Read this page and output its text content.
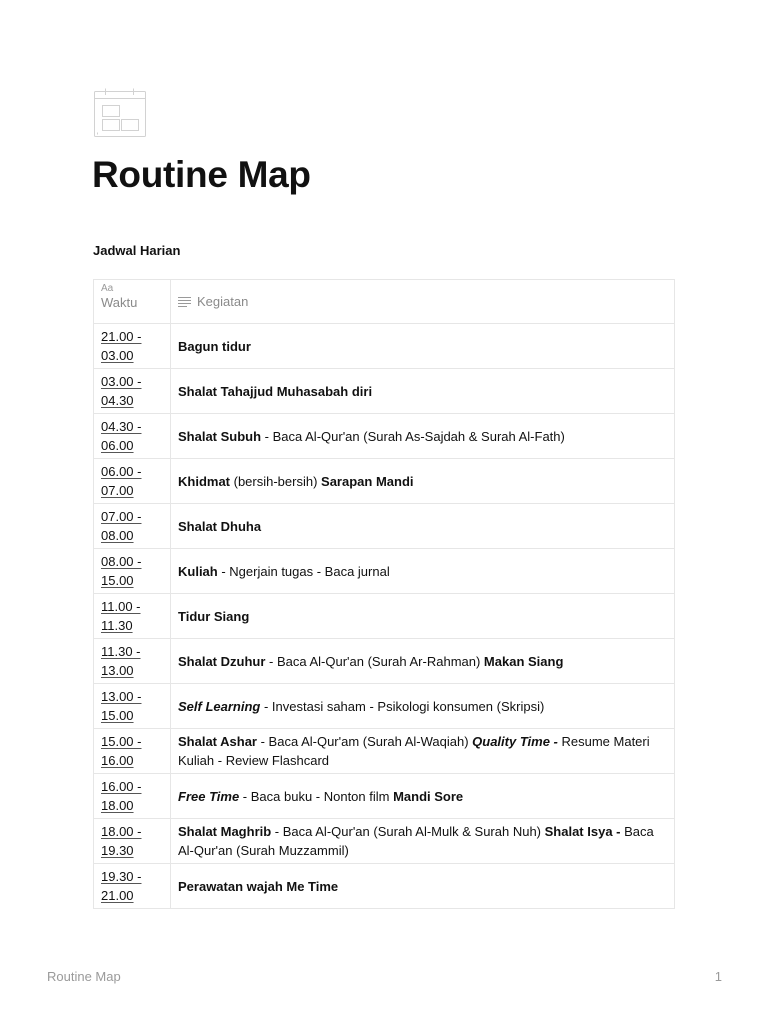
Routine Map
Jadwal Harian
Aa
Waktu	Kegiatan

21.00 -
03.00	Bagun tidur
03.00 -
04.30	Shalat Tahajjud Muhasabah diri
04.30 -
06.00	Shalat Subuh - Baca Al-Qur'an (Surah As-Sajdah & Surah Al-Fath)
06.00 -
07.00	Khidmat (bersih-bersih) Sarapan Mandi
07.00 -
08.00	Shalat Dhuha
08.00 -
15.00	Kuliah - Ngerjain tugas - Baca jurnal
11.00 -
11.30	Tidur Siang
11.30 -
13.00	Shalat Dzuhur - Baca Al-Qur'an (Surah Ar-Rahman) Makan Siang
13.00 -
15.00	Self Learning - Investasi saham - Psikologi konsumen (Skripsi)
15.00 -
16.00	Shalat Ashar - Baca Al-Qur'am (Surah Al-Waqiah) Quality Time - Resume Materi Kuliah - Review Flashcard
16.00 -
18.00	Free Time - Baca buku - Nonton film Mandi Sore
18.00 -
19.30	Shalat Maghrib - Baca Al-Qur'an (Surah Al-Mulk & Surah Nuh) Shalat Isya - Baca Al-Qur'an (Surah Muzzammil)
19.30 -
21.00	Perawatan wajah Me Time
Routine Map	1
